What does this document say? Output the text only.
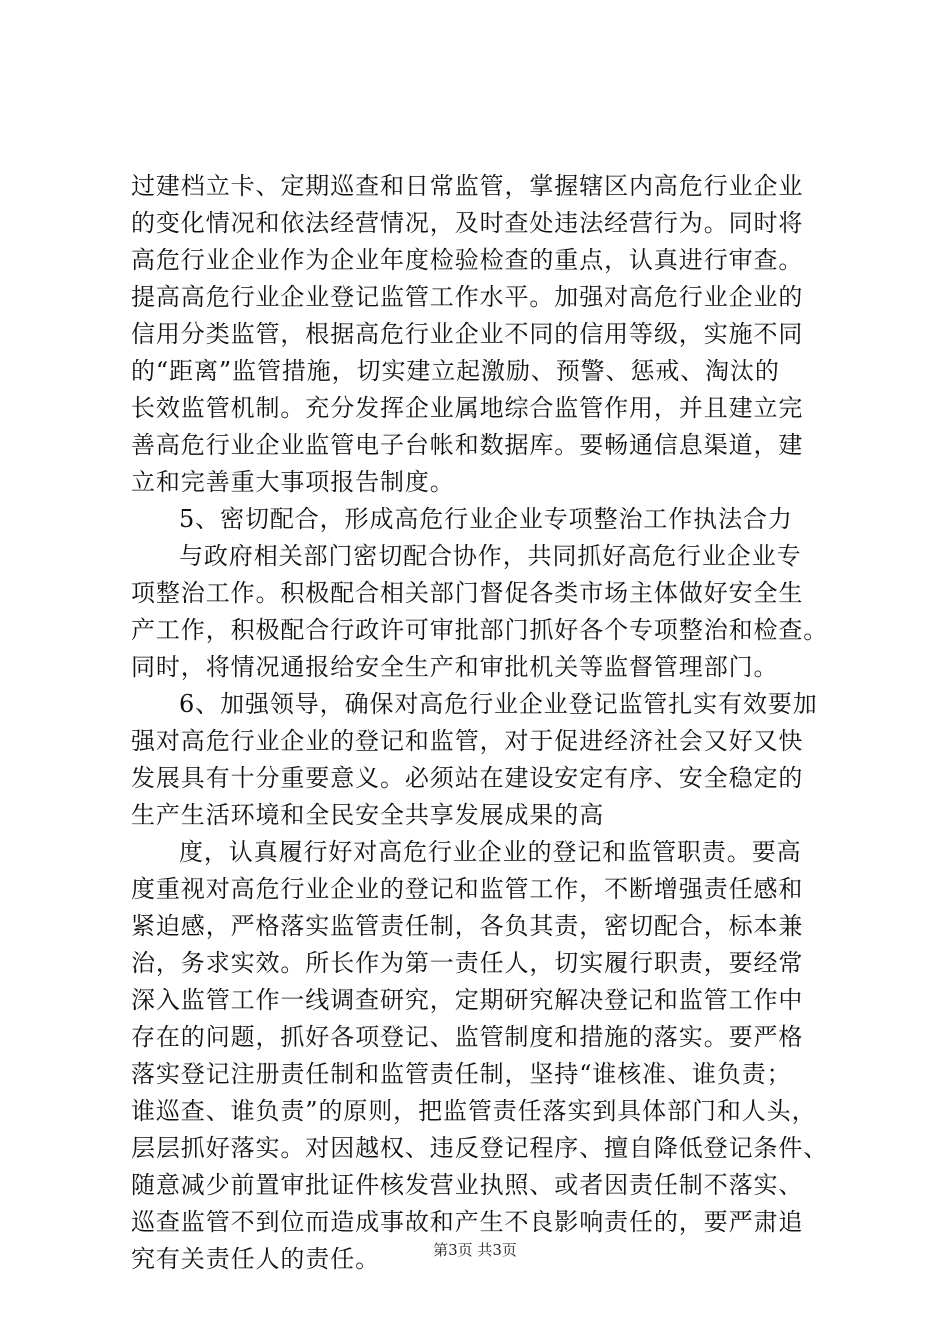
过建档立卡、定期巡查和日常监管，掌握辖区内高危行业企业
的变化情况和依法经营情况，及时查处违法经营行为。同时将
高危行业企业作为企业年度检验检查的重点，认真进行审查。
提高高危行业企业登记监管工作水平。加强对高危行业企业的
信用分类监管，根据高危行业企业不同的信用等级，实施不同
的“距离”监管措施，切实建立起激励、预警、惩戒、淘汰的
长效监管机制。充分发挥企业属地综合监管作用，并且建立完
善高危行业企业监管电子台帐和数据库。要畅通信息渠道，建
立和完善重大事项报告制度。
5、密切配合，形成高危行业企业专项整治工作执法合力
与政府相关部门密切配合协作，共同抓好高危行业企业专
项整治工作。积极配合相关部门督促各类市场主体做好安全生
产工作，积极配合行政许可审批部门抓好各个专项整治和检查。
同时，将情况通报给安全生产和审批机关等监督管理部门。
6、加强领导，确保对高危行业企业登记监管扎实有效要加
强对高危行业企业的登记和监管，对于促进经济社会又好又快
发展具有十分重要意义。必须站在建设安定有序、安全稳定的
生产生活环境和全民安全共享发展成果的高
度，认真履行好对高危行业企业的登记和监管职责。要高
度重视对高危行业企业的登记和监管工作，不断增强责任感和
紧迫感，严格落实监管责任制，各负其责，密切配合，标本兼
治，务求实效。所长作为第一责任人，切实履行职责，要经常
深入监管工作一线调查研究，定期研究解决登记和监管工作中
存在的问题，抓好各项登记、监管制度和措施的落实。要严格
落实登记注册责任制和监管责任制，坚持“谁核准、谁负责；
谁巡查、谁负责”的原则，把监管责任落实到具体部门和人头，
层层抓好落实。对因越权、违反登记程序、擅自降低登记条件、
随意减少前置审批证件核发营业执照、或者因责任制不落实、
巡查监管不到位而造成事故和产生不良影响责任的，要严肃追
究有关责任人的责任。	第3页 共3页
